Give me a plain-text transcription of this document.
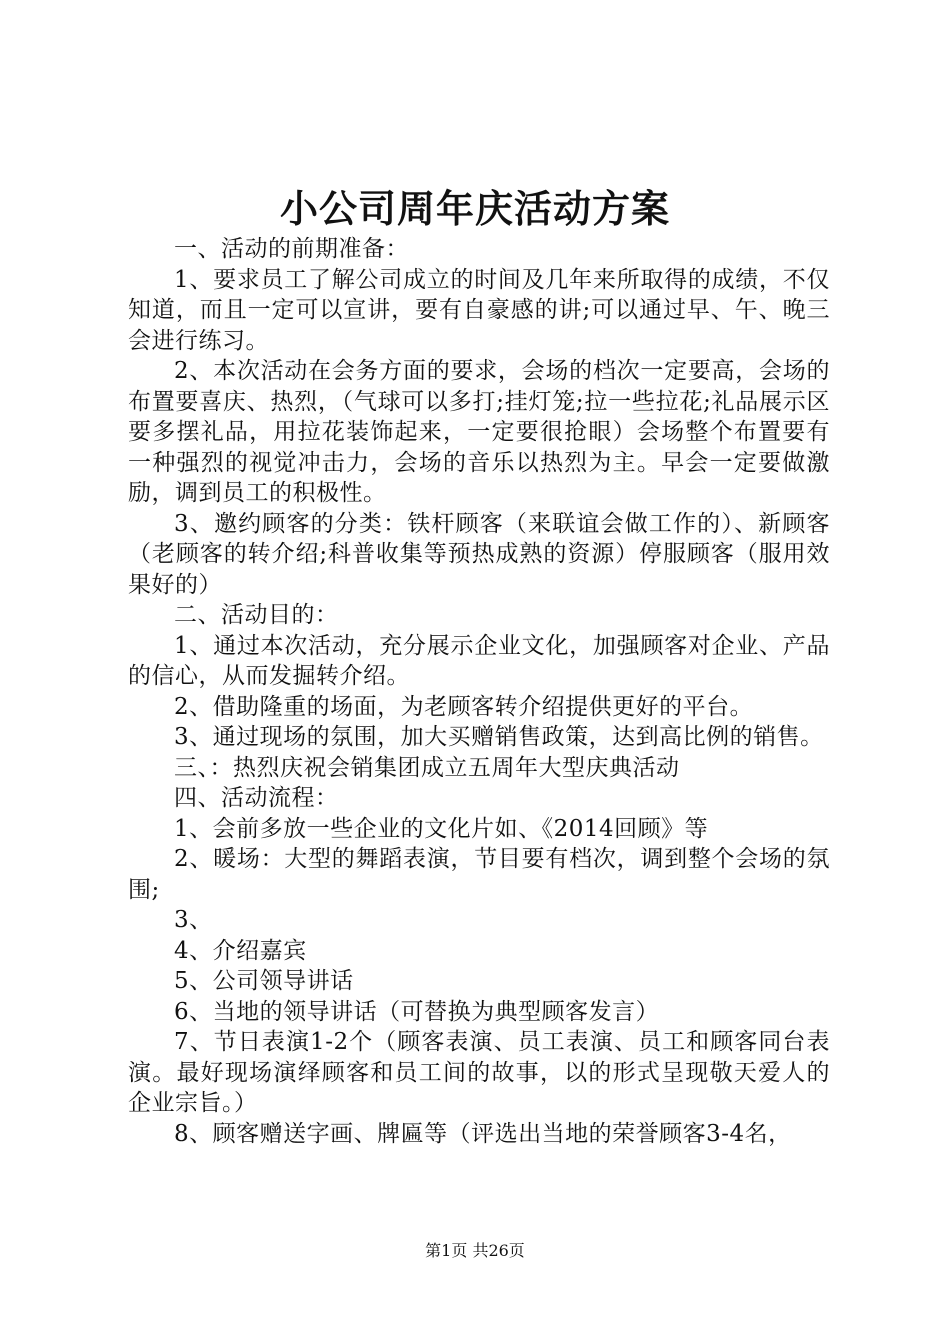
小公司周年庆活动方案

一、活动的前期准备：

1、要求员工了解公司成立的时间及几年来所取得的成绩，不仅知道，而且一定可以宣讲，要有自豪感的讲;可以通过早、午、晚三会进行练习。

2、本次活动在会务方面的要求，会场的档次一定要高，会场的布置要喜庆、热烈，（气球可以多打;挂灯笼;拉一些拉花;礼品展示区要多摆礼品，用拉花装饰起来，一定要很抢眼）会场整个布置要有一种强烈的视觉冲击力，会场的音乐以热烈为主。早会一定要做激励，调到员工的积极性。

3、邀约顾客的分类：铁杆顾客（来联谊会做工作的）、新顾客（老顾客的转介绍;科普收集等预热成熟的资源）停服顾客（服用效果好的）

二、活动目的：

1、通过本次活动，充分展示企业文化，加强顾客对企业、产品的信心，从而发掘转介绍。

2、借助隆重的场面，为老顾客转介绍提供更好的平台。

3、通过现场的氛围，加大买赠销售政策，达到高比例的销售。

三、：热烈庆祝会销集团成立五周年大型庆典活动

四、活动流程：

1、会前多放一些企业的文化片如、《2014回顾》等

2、暖场：大型的舞蹈表演，节目要有档次，调到整个会场的氛围;

3、

4、介绍嘉宾

5、公司领导讲话

6、当地的领导讲话（可替换为典型顾客发言）

7、节日表演1-2个（顾客表演、员工表演、员工和顾客同台表演。最好现场演绎顾客和员工间的故事，以的形式呈现敬天爱人的企业宗旨。）

8、顾客赠送字画、牌匾等（评选出当地的荣誉顾客3-4名，

第1页 共26页
